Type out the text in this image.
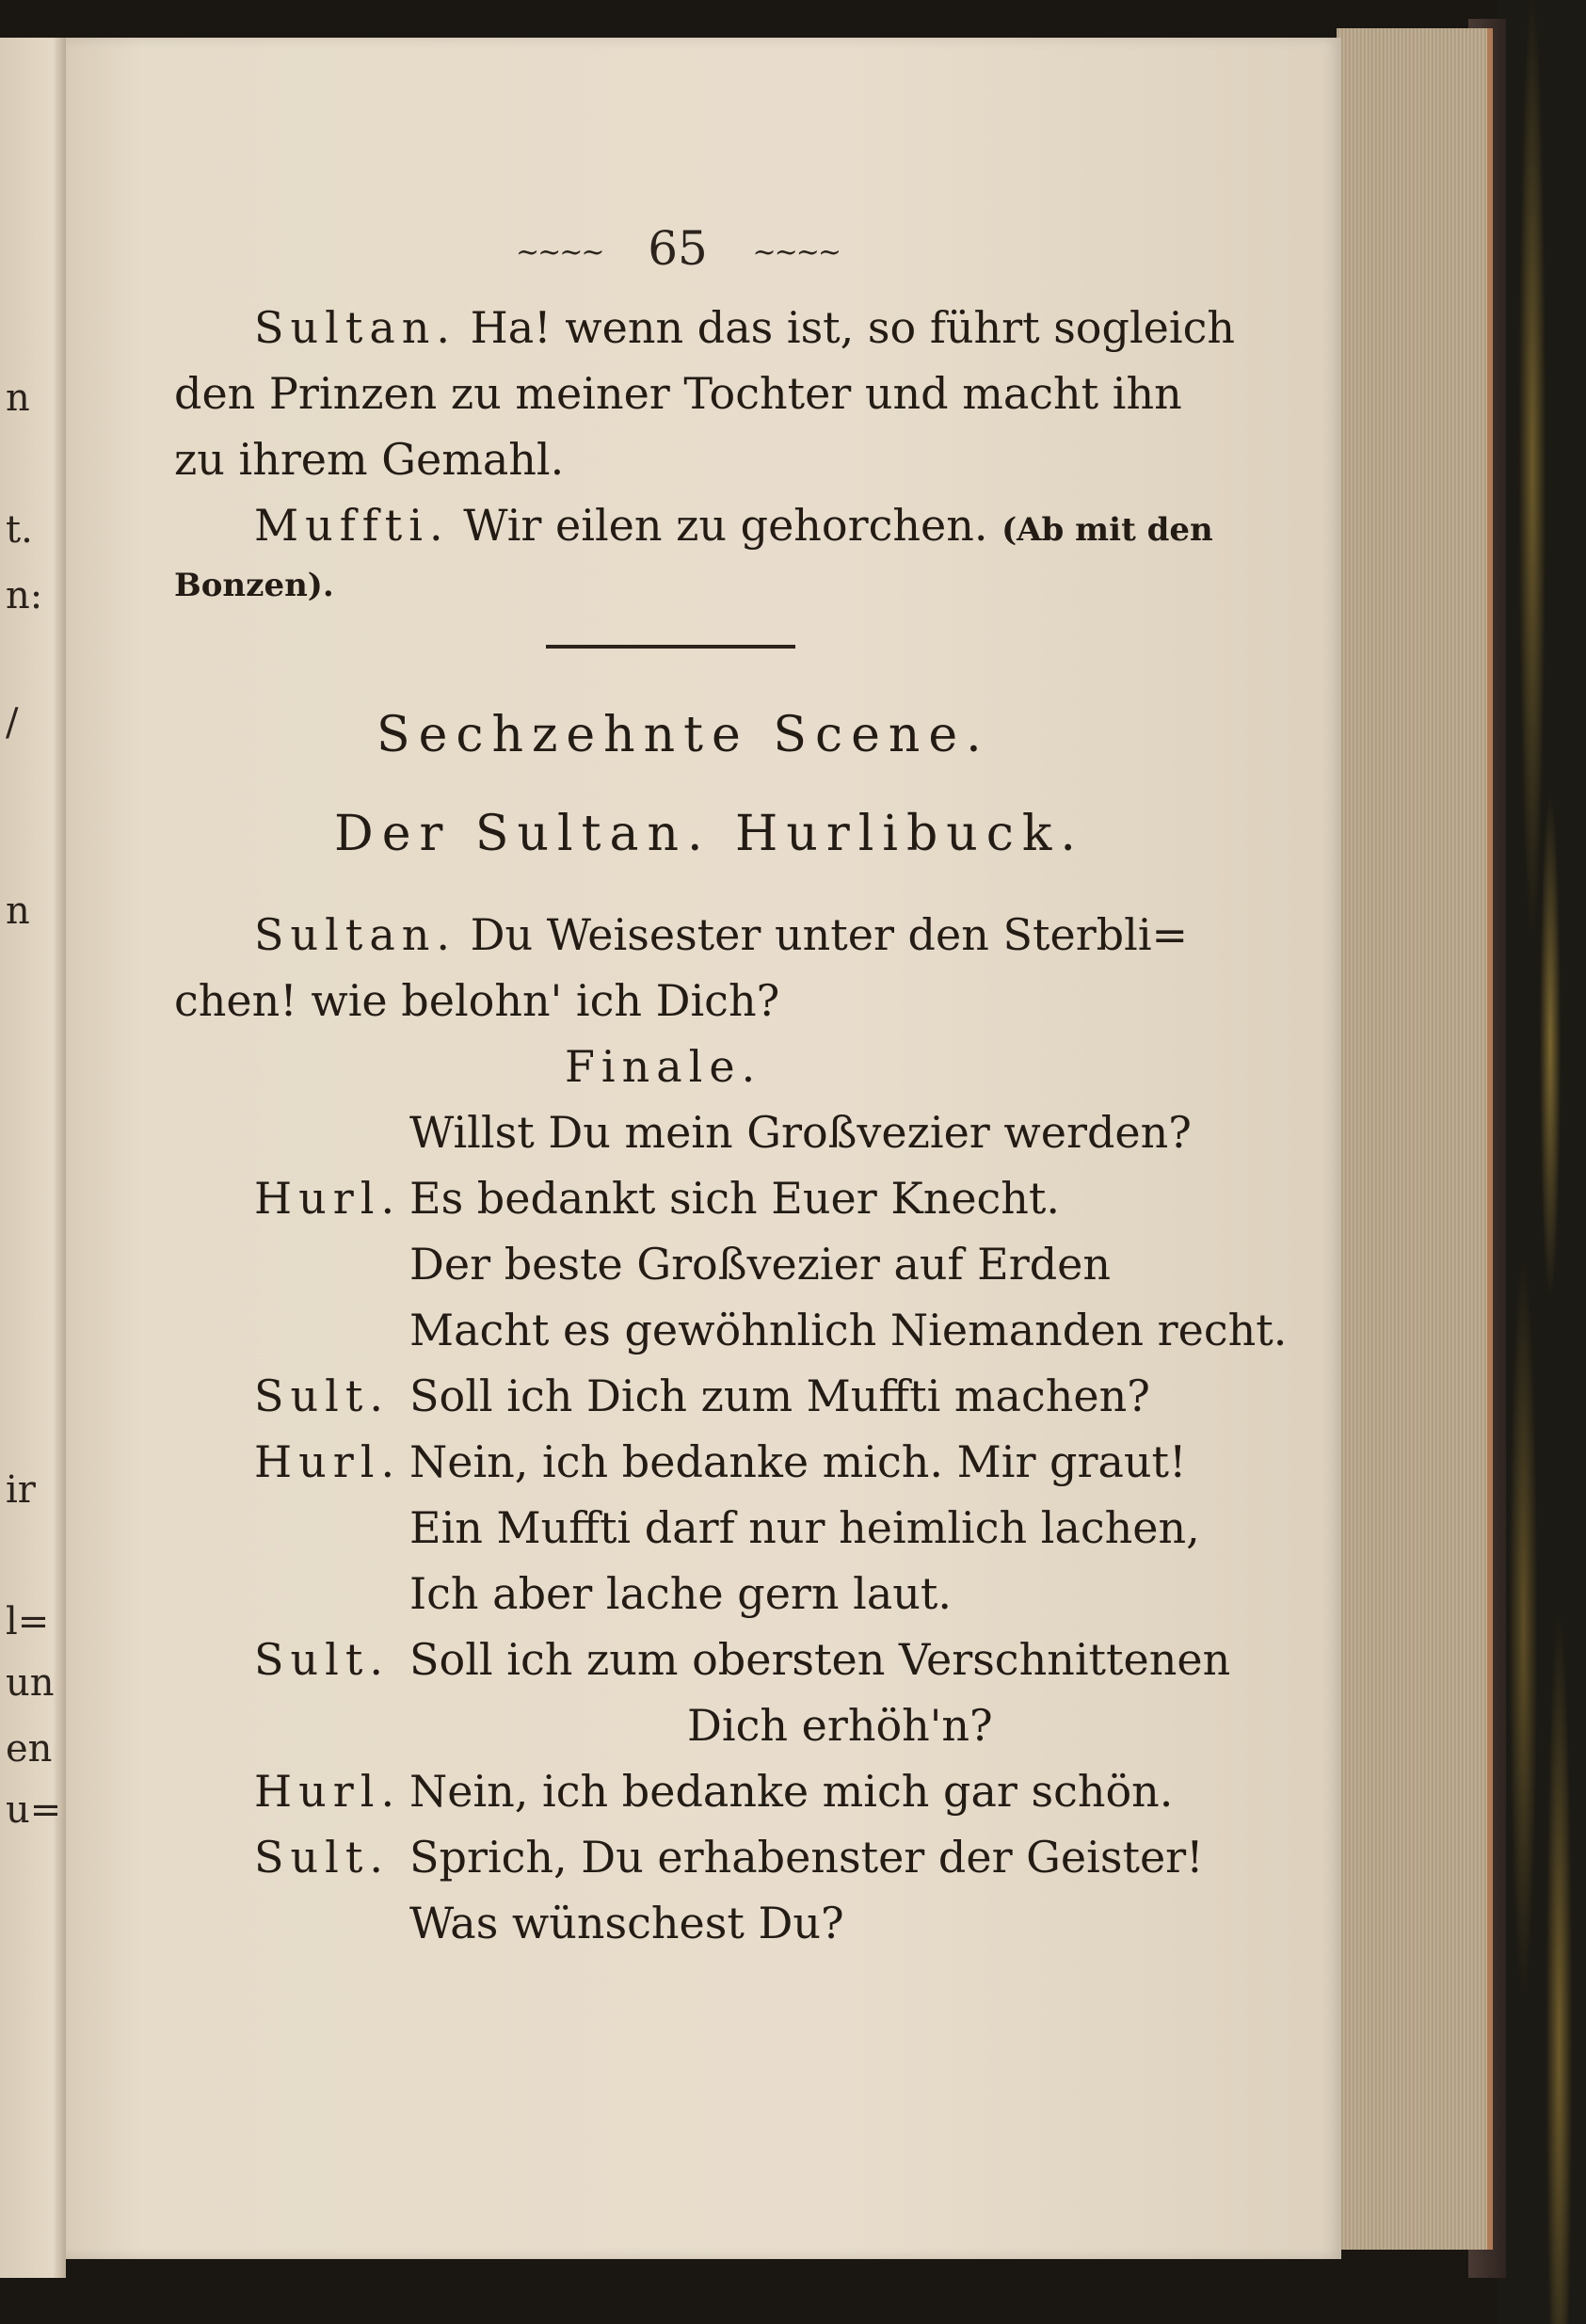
n
t.
n:
/
n
ir
l=
un
en
u=
~~~~ 65 ~~~~
Sultan. Ha! wenn das ist, so führt sogleich
den Prinzen zu meiner Tochter und macht ihn
zu ihrem Gemahl.
Muffti. Wir eilen zu gehorchen. (Ab mit den
Bonzen).
Sechzehnte Scene.
Der Sultan. Hurlibuck.
Sultan. Du Weisester unter den Sterbli=
chen! wie belohn' ich Dich?
Finale.
Willst Du mein Großvezier werden?
Hurl. Es bedankt sich Euer Knecht.
Der beste Großvezier auf Erden
Macht es gewöhnlich Niemanden recht.
Sult. Soll ich Dich zum Muffti machen?
Hurl. Nein, ich bedanke mich. Mir graut!
Ein Muffti darf nur heimlich lachen,
Ich aber lache gern laut.
Sult. Soll ich zum obersten Verschnittenen
Dich erhöh'n?
Hurl. Nein, ich bedanke mich gar schön.
Sult. Sprich, Du erhabenster der Geister!
Was wünschest Du?
